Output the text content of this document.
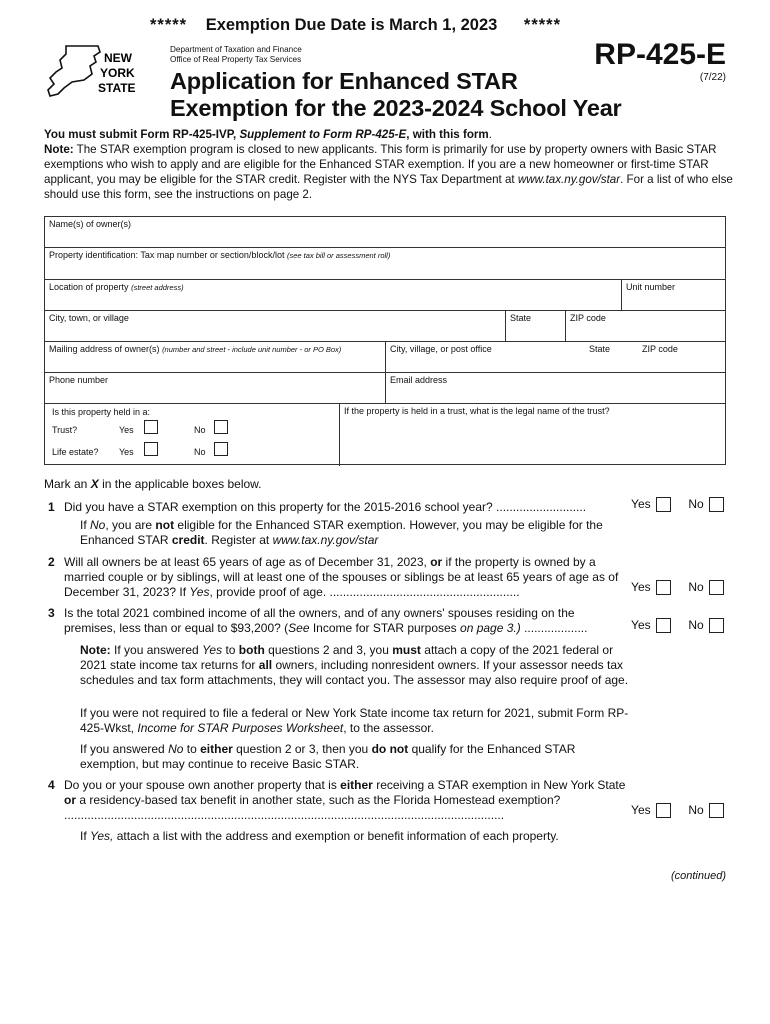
***** Exemption Due Date is March 1, 2023 *****
NEW
YORK
STATE
Department of Taxation and Finance
Office of Real Property Tax Services
Application for Enhanced STAR
Exemption for the 2023-2024 School Year
RP-425-E
(7/22)
You must submit Form RP-425-IVP, Supplement to Form RP-425-E, with this form.
Note: The STAR exemption program is closed to new applicants. This form is primarily for use by property owners with Basic STAR exemptions who wish to apply and are eligible for the Enhanced STAR exemption. If you are a new homeowner or first-time STAR applicant, you may be eligible for the STAR credit. Register with the NYS Tax Department at www.tax.ny.gov/star. For a list of who else should use this form, see the instructions on page 2.
Name(s) of owner(s)
Property identification: Tax map number or section/block/lot (see tax bill or assessment roll)
Location of property (street address)	Unit number
City, town, or village	State	ZIP code
Mailing address of owner(s) (number and street - include unit number - or PO Box)	City, village, or post office	State	ZIP code
Phone number	Email address
Is this property held in a:
Trust?	Yes	No
Life estate? Yes	No
If the property is held in a trust, what is the legal name of the trust?
Mark an X in the applicable boxes below.
1 Did you have a STAR exemption on this property for the 2015-2016 school year? ...........................	Yes	No
If No, you are not eligible for the Enhanced STAR exemption. However, you may be eligible for the Enhanced STAR credit. Register at www.tax.ny.gov/star
2 Will all owners be at least 65 years of age as of December 31, 2023, or if the property is owned by a married couple or by siblings, will at least one of the spouses or siblings be at least 65 years of age as of December 31, 2023? If Yes, provide proof of age. .........................................................	Yes	No
3 Is the total 2021 combined income of all the owners, and of any owners' spouses residing on the premises, less than or equal to $93,200? (See Income for STAR purposes on page 3.) ...................	Yes	No
Note: If you answered Yes to both questions 2 and 3, you must attach a copy of the 2021 federal or 2021 state income tax returns for all owners, including nonresident owners. If your assessor needs tax schedules and tax form attachments, they will contact you. The assessor may also require proof of age.
If you were not required to file a federal or New York State income tax return for 2021, submit Form RP-425-Wkst, Income for STAR Purposes Worksheet, to the assessor.
If you answered No to either question 2 or 3, then you do not qualify for the Enhanced STAR exemption, but may continue to receive Basic STAR.
4 Do you or your spouse own another property that is either receiving a STAR exemption in New York State or a residency-based tax benefit in another state, such as the Florida Homestead exemption? ....................................................................................................................................	Yes	No
If Yes, attach a list with the address and exemption or benefit information of each property.
(continued)
